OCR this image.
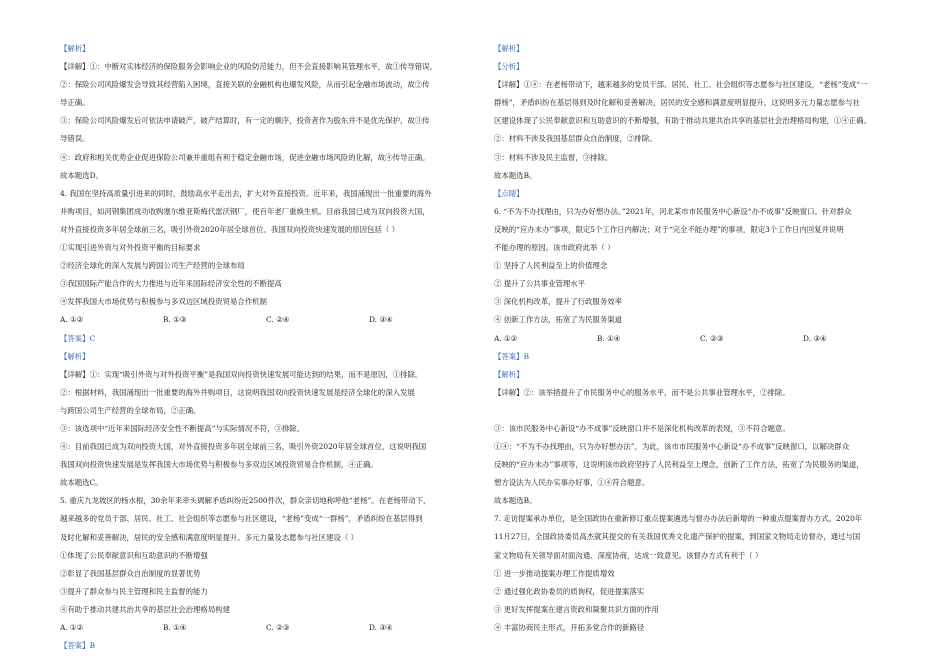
【解析】
【详解】①：中断对实体经济的保险服务会影响企业的风险防范能力，但不会直接影响其管理水平，故①传导错误。
②：保险公司风险爆发会导致其经营陷入困境，直接关联的金融机构也爆发风险，从而引起金融市场波动，故②传
导正确。
③：保险公司风险爆发后可依法申请破产，破产结算时，有一定的顺序，投资者作为股东并不是优先保护，故③传
导错误。
④：政府和相关优势企业促进保险公司兼并重组有利于稳定金融市场，促进金融市场风险的化解，故④传导正确。
故本题选D。
4. 我国在坚持高质量引进来的同时，鼓励高水平走出去，扩大对外直接投资。近年来，我国涌现出一批重要的海外
并购项目，如河钢集团成功收购塞尔维亚斯梅代雷沃钢厂，使百年老厂重焕生机。目前我国已成为双向投资大国，
对外直接投资多年居全球前三名，吸引外资2020年居全球首位。我国双向投资快速发展的原因包括（ ）
①实现引进外资与对外投资平衡的目标要求
②经济全球化的深入发展与跨国公司生产经营的全球布局
③我国国际产能合作的大力推进与近年来国际经济安全性的不断提高
④发挥我国大市场优势与积极参与多双边区域投资贸易合作机制
A. ①②	B. ①③	C. ②④	D. ③④
【答案】C
【解析】
【详解】①：实现“吸引外资与对外投资平衡”是我国双向投资快速发展可能达到的结果，而不是原因，①排除。
②：根据材料，我国涌现出一批重要的海外并购项目，这说明我国双向投资快速发展是经济全球化的深入发展
与跨国公司生产经营的全球布局，②正确。
③：该选项中“近年来国际经济安全性不断提高”与实际情况不符，③排除。
④：目前我国已成为双向投资大国，对外直接投资多年居全球前三名，吸引外资2020年居全球首位，这说明我国
我国双向投资快速发展是发挥我国大市场优势与积极参与多双边区域投资贸易合作机制，④正确。
故本题选C。
5. 重庆九龙坡区的杨水根，30余年来牵头调解矛盾纠纷近2500件次，群众亲切地称呼他“老杨”。在老杨带动下，
越来越多的党员干部、居民、社工、社会组织等志愿参与社区建设，“老杨”变成“一群杨”，矛盾纠纷在基层得到
及时化解和妥善解决，居民的安全感和满意度明显提升。多元力量及志愿参与社区建设（ ）
①体现了公民奉献意识和互助意识的不断增强
②彰显了我国基层群众自治制度的显著优势
③提升了群众参与民主管理和民主监督的能力
④有助于推动共建共治共享的基层社会治理格局构建
A. ①②	B. ①④	C. ②③	D. ③④
【答案】B
【解析】
【分析】
【详解】①④：在老杨带动下，越来越多的党员干部、居民、社工、社会组织等志愿参与社区建设，“老杨”变成“一
群杨”，矛盾纠纷在基层得到及时化解和妥善解决，居民的安全感和满意度明显提升，这说明多元力量志愿参与社
区建设体现了公民奉献意识和互助意识的不断增强，有助于推动共建共治共享的基层社会治理格局构建，①④正确。
②：材料不涉及我国基层群众自治制度，②排除。
③：材料不涉及民主监督，③排除。
故本题选B。
【点睛】
6. “不为不办找理由，只为办好想办法。”2021年，河北某市市民服务中心新设“办不成事”反映窗口。针对群众
反映的“应办未办”事项，限定5个工作日内解决；对于“完全不能办理”的事项，限定3个工作日内回复并说明
不能办理的原因。该市政府此举（ ）
① 坚持了人民利益至上的价值理念
② 提升了公共事业管理水平
③ 深化机构改革，提升了行政服务效率
④ 创新工作方法，拓宽了为民服务渠道
A. ①②	B. ①④	C. ②③	D. ③④
【答案】B
【解析】
【详解】②：该举措提升了市民服务中心的服务水平，而不是公共事业管理水平，②排除。
③：该市民服务中心新设“办不成事”反映窗口并不是深化机构改革的表现，③不符合题意。
①④：“不为不办找理由，只为办好想办法”，为此，该市市民服务中心新设“办不成事”反映窗口，以解决群众
反映的“应办未办”事项等，这说明该市政府坚持了人民利益至上理念，创新了工作方法，拓宽了为民服务的渠道，
想方设法为人民办实事办好事，①④符合题意。
故本题选B。
7. 走访提案承办单位，是全国政协在重新修订重点提案遴选与督办办法后新增的一种重点提案督办方式。2020年
11月27日，全国政协委员高杰就其提交的有关我国优秀文化遗产保护的提案，到国家文物局走访督办，通过与国
家文物局有关领导面对面沟通、深度协商，达成一致意见。该督办方式有利于（ ）
① 进一步推动提案办理工作提质增效
② 通过强化政协委员的质询权，促进提案落实
③ 更好发挥提案在建言资政和凝聚共识方面的作用
④ 丰富协商民主形式，开拓多党合作的新路径
